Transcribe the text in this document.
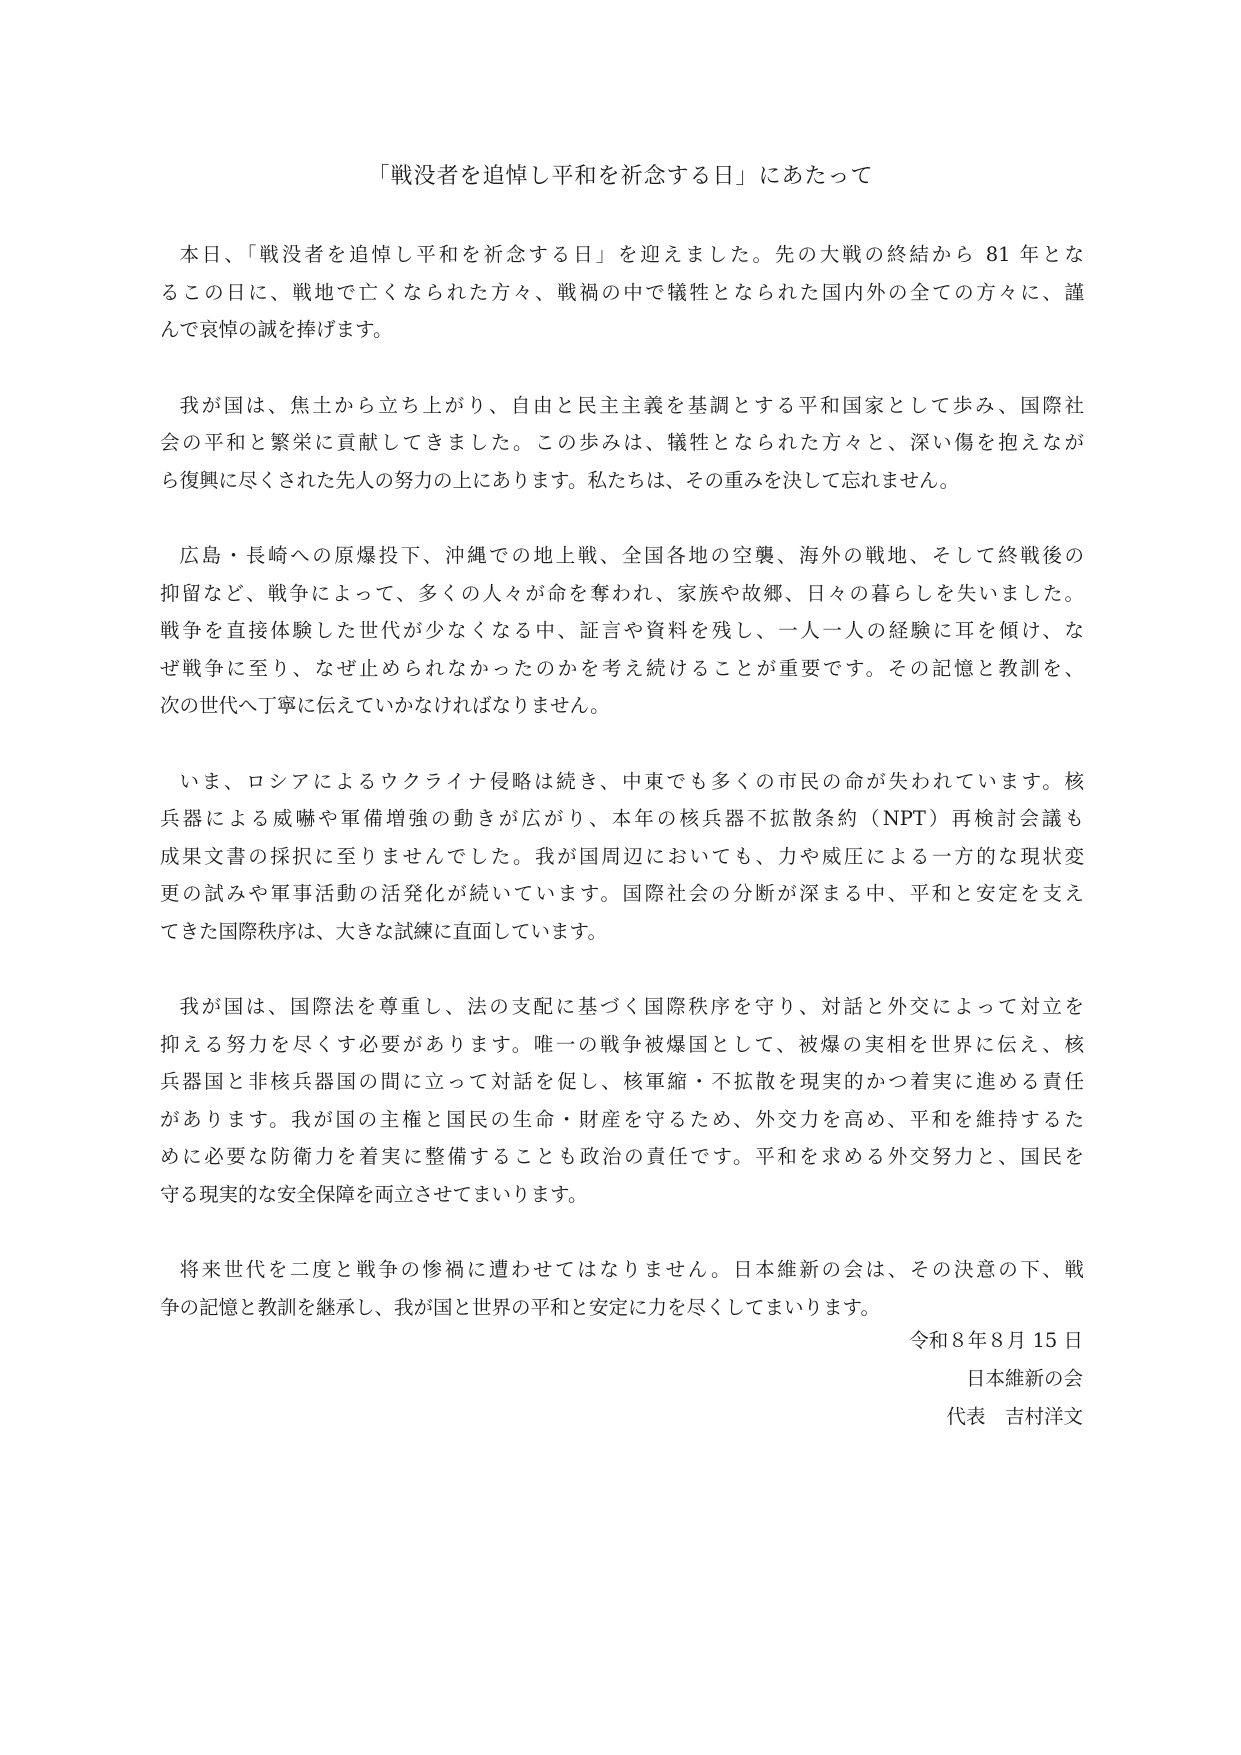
「戦没者を追悼し平和を祈念する日」にあたって
本日、「戦没者を追悼し平和を祈念する日」を迎えました。先の大戦の終結から 81 年とな
るこの日に、戦地で亡くなられた方々、戦禍の中で犠牲となられた国内外の全ての方々に、謹
んで哀悼の誠を捧げます。
我が国は、焦土から立ち上がり、自由と民主主義を基調とする平和国家として歩み、国際社
会の平和と繁栄に貢献してきました。この歩みは、犠牲となられた方々と、深い傷を抱えなが
ら復興に尽くされた先人の努力の上にあります。私たちは、その重みを決して忘れません。
広島・長崎への原爆投下、沖縄での地上戦、全国各地の空襲、海外の戦地、そして終戦後の
抑留など、戦争によって、多くの人々が命を奪われ、家族や故郷、日々の暮らしを失いました。
戦争を直接体験した世代が少なくなる中、証言や資料を残し、一人一人の経験に耳を傾け、な
ぜ戦争に至り、なぜ止められなかったのかを考え続けることが重要です。その記憶と教訓を、
次の世代へ丁寧に伝えていかなければなりません。
いま、ロシアによるウクライナ侵略は続き、中東でも多くの市民の命が失われています。核
兵器による威嚇や軍備増強の動きが広がり、本年の核兵器不拡散条約（NPT）再検討会議も
成果文書の採択に至りませんでした。我が国周辺においても、力や威圧による一方的な現状変
更の試みや軍事活動の活発化が続いています。国際社会の分断が深まる中、平和と安定を支え
てきた国際秩序は、大きな試練に直面しています。
我が国は、国際法を尊重し、法の支配に基づく国際秩序を守り、対話と外交によって対立を
抑える努力を尽くす必要があります。唯一の戦争被爆国として、被爆の実相を世界に伝え、核
兵器国と非核兵器国の間に立って対話を促し、核軍縮・不拡散を現実的かつ着実に進める責任
があります。我が国の主権と国民の生命・財産を守るため、外交力を高め、平和を維持するた
めに必要な防衛力を着実に整備することも政治の責任です。平和を求める外交努力と、国民を
守る現実的な安全保障を両立させてまいります。
将来世代を二度と戦争の惨禍に遭わせてはなりません。日本維新の会は、その決意の下、戦
争の記憶と教訓を継承し、我が国と世界の平和と安定に力を尽くしてまいります。
令和８年８月 15 日
日本維新の会
代表　吉村洋文
